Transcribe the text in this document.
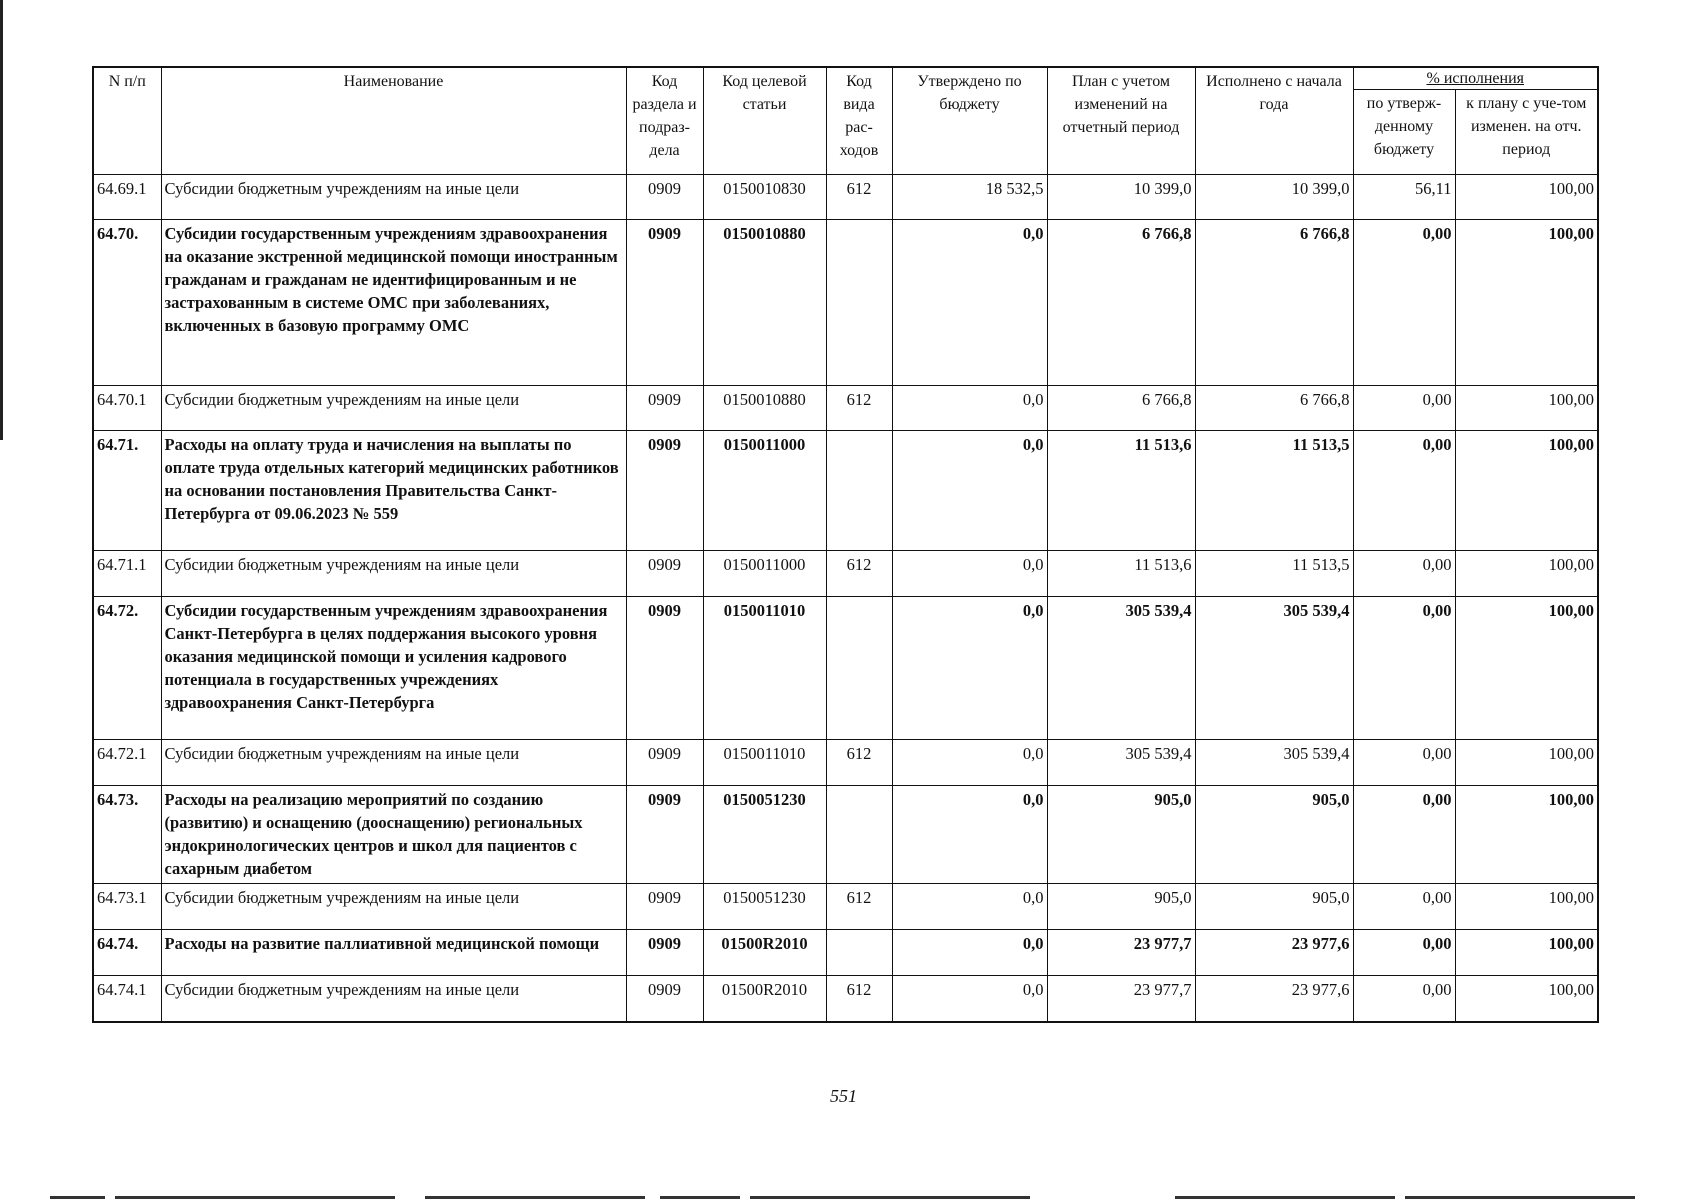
N п/п	Наименование	Код раздела и подраз-дела	Код целевой статьи	Код вида рас-ходов	Утверждено по бюджету	План с учетом изменений на отчетный период	Исполнено с начала года	% исполнения	
								по утверж-денному бюджету	к плану с уче-том изменен. на отч. период
64.69.1	Субсидии бюджетным учреждениям на иные цели	0909	0150010830	612	18 532,5	10 399,0	10 399,0	56,11	100,00
64.70.	Субсидии государственным учреждениям здравоохранения на оказание экстренной медицинской помощи иностранным гражданам и гражданам не идентифицированным и не застрахованным в системе ОМС при заболеваниях, включенных в базовую программу ОМС	0909	0150010880		0,0	6 766,8	6 766,8	0,00	100,00
64.70.1	Субсидии бюджетным учреждениям на иные цели	0909	0150010880	612	0,0	6 766,8	6 766,8	0,00	100,00
64.71.	Расходы на оплату труда и начисления на выплаты по оплате труда отдельных категорий медицинских работников на основании постановления Правительства Санкт-Петербурга от 09.06.2023 № 559	0909	0150011000		0,0	11 513,6	11 513,5	0,00	100,00
64.71.1	Субсидии бюджетным учреждениям на иные цели	0909	0150011000	612	0,0	11 513,6	11 513,5	0,00	100,00
64.72.	Субсидии государственным учреждениям здравоохранения Санкт-Петербурга в целях поддержания высокого уровня оказания медицинской помощи и усиления кадрового потенциала в государственных учреждениях здравоохранения Санкт-Петербурга	0909	0150011010		0,0	305 539,4	305 539,4	0,00	100,00
64.72.1	Субсидии бюджетным учреждениям на иные цели	0909	0150011010	612	0,0	305 539,4	305 539,4	0,00	100,00
64.73.	Расходы на реализацию мероприятий по созданию (развитию) и оснащению (дооснащению) региональных эндокринологических центров и школ для пациентов с сахарным диабетом	0909	0150051230		0,0	905,0	905,0	0,00	100,00
64.73.1	Субсидии бюджетным учреждениям на иные цели	0909	0150051230	612	0,0	905,0	905,0	0,00	100,00
64.74.	Расходы на развитие паллиативной медицинской помощи	0909	01500R2010		0,0	23 977,7	23 977,6	0,00	100,00
64.74.1	Субсидии бюджетным учреждениям на иные цели	0909	01500R2010	612	0,0	23 977,7	23 977,6	0,00	100,00
551
